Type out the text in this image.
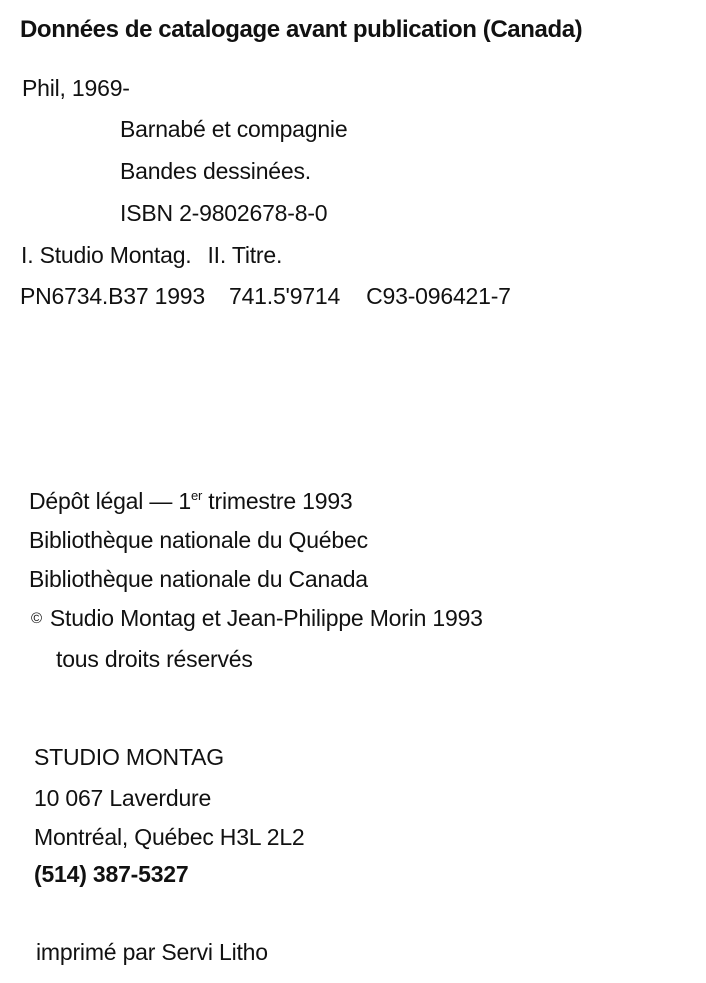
Données de catalogage avant publication (Canada)
Phil, 1969-
Barnabé et compagnie
Bandes dessinées.
ISBN 2-9802678-8-0
I. Studio Montag. II. Titre.
PN6734.B37 1993 741.5'9714 C93-096421-7
Dépôt légal — 1er trimestre 1993
Bibliothèque nationale du Québec
Bibliothèque nationale du Canada
© Studio Montag et Jean-Philippe Morin 1993
tous droits réservés
STUDIO MONTAG
10 067 Laverdure
Montréal, Québec H3L 2L2
(514) 387-5327
imprimé par Servi Litho
